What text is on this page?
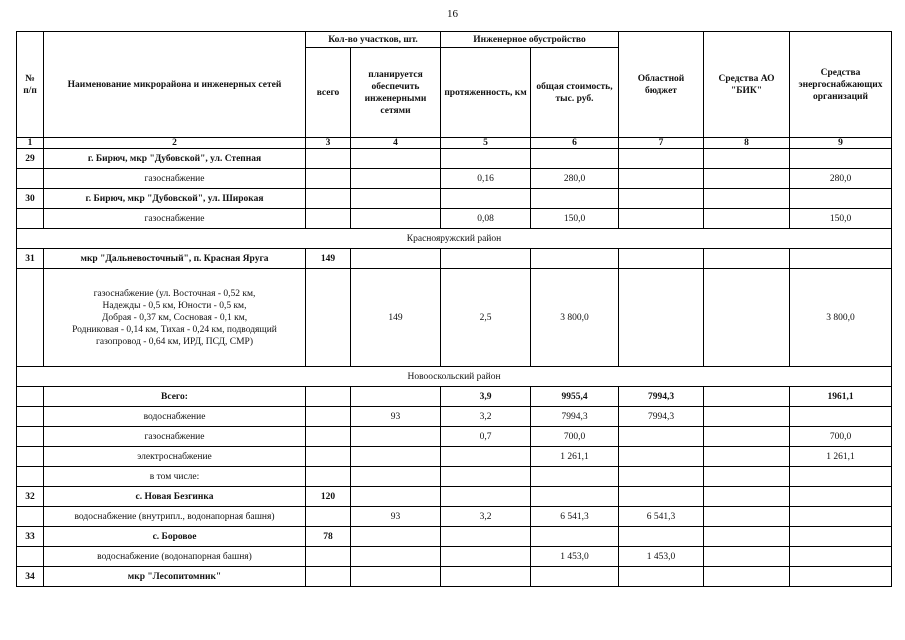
16
№ п/п	Наименование микрорайона и инженерных сетей	Кол-во участков, шт.		Инженерное обустройство		Областной бюджет	Средства АО "БИК"	Средства энергоснабжающих организаций
		всего	планируется обеспечить инженерными сетями	протяженность, км	общая стоимость, тыс. руб.			
1	2	3	4	5	6	7	8	9
29	г. Бирюч, мкр "Дубовской", ул. Степная							
	газоснабжение			0,16	280,0			280,0
30	г. Бирюч, мкр "Дубовской", ул. Широкая							
	газоснабжение			0,08	150,0			150,0
Краснояружский район								
31	мкр "Дальневосточный", п. Красная Яруга	149						

	газоснабжение (ул. Восточная - 0,52 км,
Надежды - 0,5 км, Юности - 0,5 км,
Добрая - 0,37 км, Сосновая - 0,1 км,
Родниковая - 0,14 км, Тихая - 0,24 км, подводящий
газопровод - 0,64 км, ИРД, ПСД, СМР)		149	2,5	3 800,0			3 800,0
Новооскольский район								
	Всего:			3,9	9955,4	7994,3		1961,1
	водоснабжение		93	3,2	7994,3	7994,3		
	газоснабжение			0,7	700,0			700,0
	электроснабжение				1 261,1			1 261,1
	в том числе:							
32	с. Новая Безгинка	120						
	водоснабжение (внутрипл., водонапорная башня)		93	3,2	6 541,3	6 541,3		
33	с. Боровое	78						
	водоснабжение (водонапорная башня)				1 453,0	1 453,0		
34	мкр "Лесопитомник"							
